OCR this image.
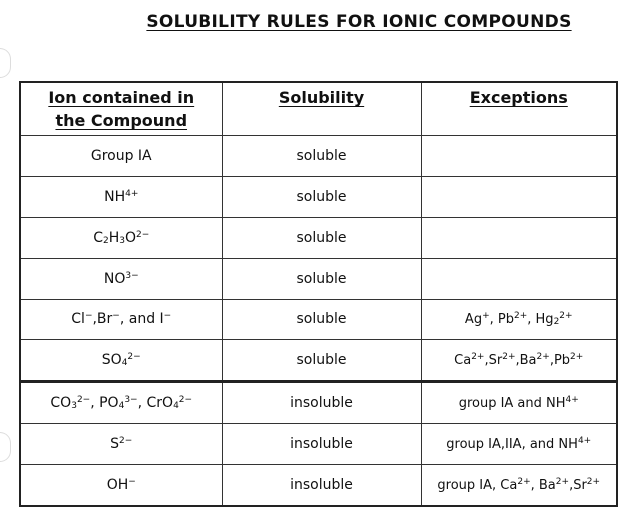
SOLUBILITY RULES FOR IONIC COMPOUNDS
Ion contained in
the Compound	Solubility	Exceptions
Group IA	soluble	
$NH^{4+}$	soluble	
$C_2H_3O^{2-}$	soluble	
$NO^{3-}$	soluble	
Cl−,Br−, and I−	soluble	Ag+, $Pb^{2+}$, $Hg_2^{2+}$
$SO_4^{2-}$	soluble	$Ca^{2+},Sr^{2+},Ba^{2+},Pb^{2+}$
$CO_3^{2-}$, $PO_4^{3-}$, CrO$_4^{2-}$	insoluble	group IA and $NH^{4+}$
$S^{2-}$	insoluble	group IA,IIA, and $NH^{4+}$
OH−	insoluble	group IA, $Ca^{2+}$, $Ba^{2+},Sr^{2+}$
